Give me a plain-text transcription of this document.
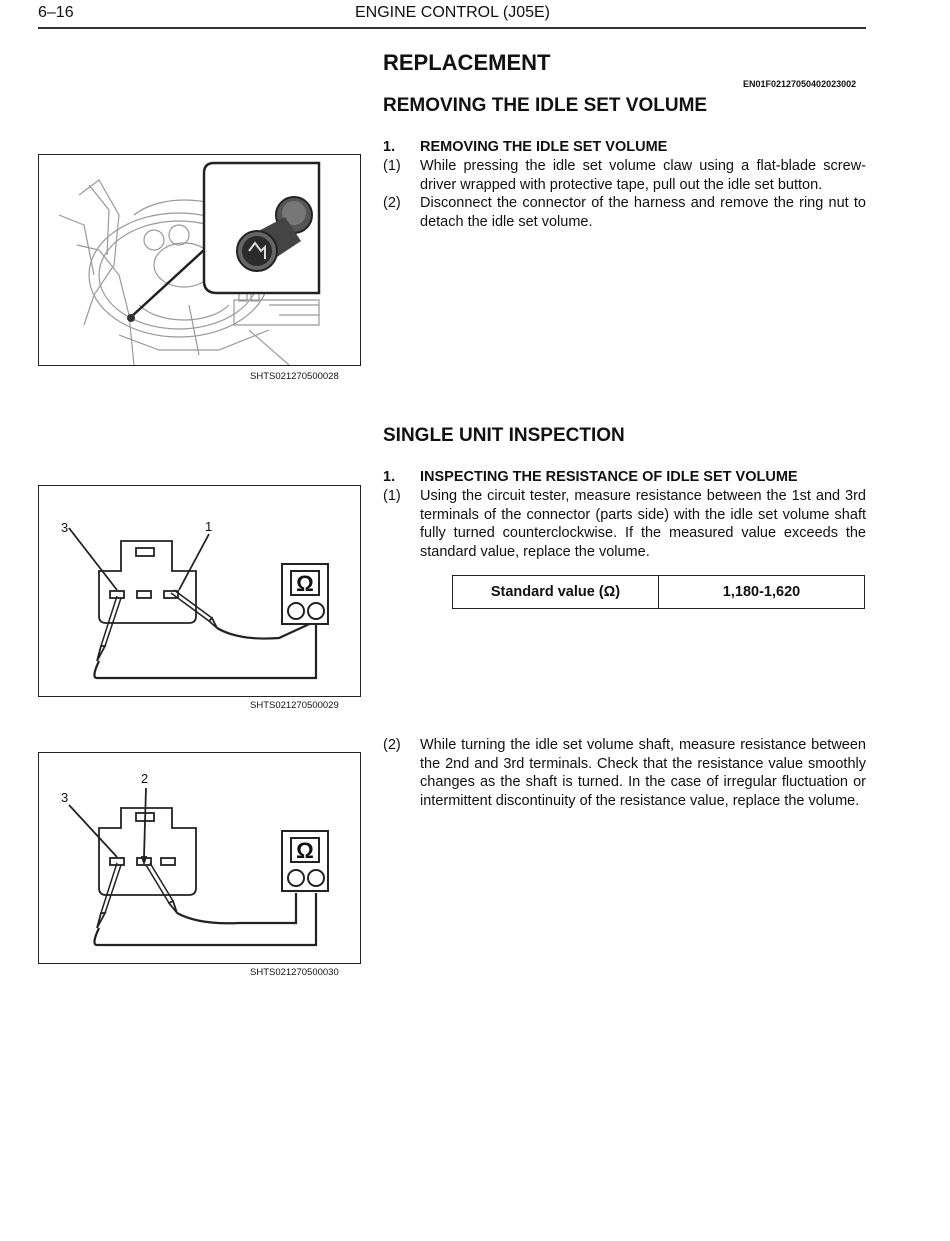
6–16	ENGINE CONTROL (J05E)
REPLACEMENT
EN01F02127050402023002
REMOVING THE IDLE SET VOLUME
1. REMOVING THE IDLE SET VOLUME
(1) While pressing the idle set volume claw using a flat-blade screw-driver wrapped with protective tape, pull out the idle set button.
(2) Disconnect the connector of the harness and remove the ring nut to detach the idle set volume.
SHTS021270500028
SINGLE UNIT INSPECTION
1. INSPECTING THE RESISTANCE OF IDLE SET VOLUME
(1) Using the circuit tester, measure resistance between the 1st and 3rd terminals of the connector (parts side) with the idle set volume shaft fully turned counterclockwise. If the measured value exceeds the standard value, replace the volume.
Standard value (Ω)	1,180-1,620
Ω
3	1
SHTS021270500029
(2) While turning the idle set volume shaft, measure resistance between the 2nd and 3rd terminals. Check that the resistance value smoothly changes as the shaft is turned. In the case of irregular fluctuation or intermittent discontinuity of the resistance value, replace the volume.
Ω
3
2
SHTS021270500030
